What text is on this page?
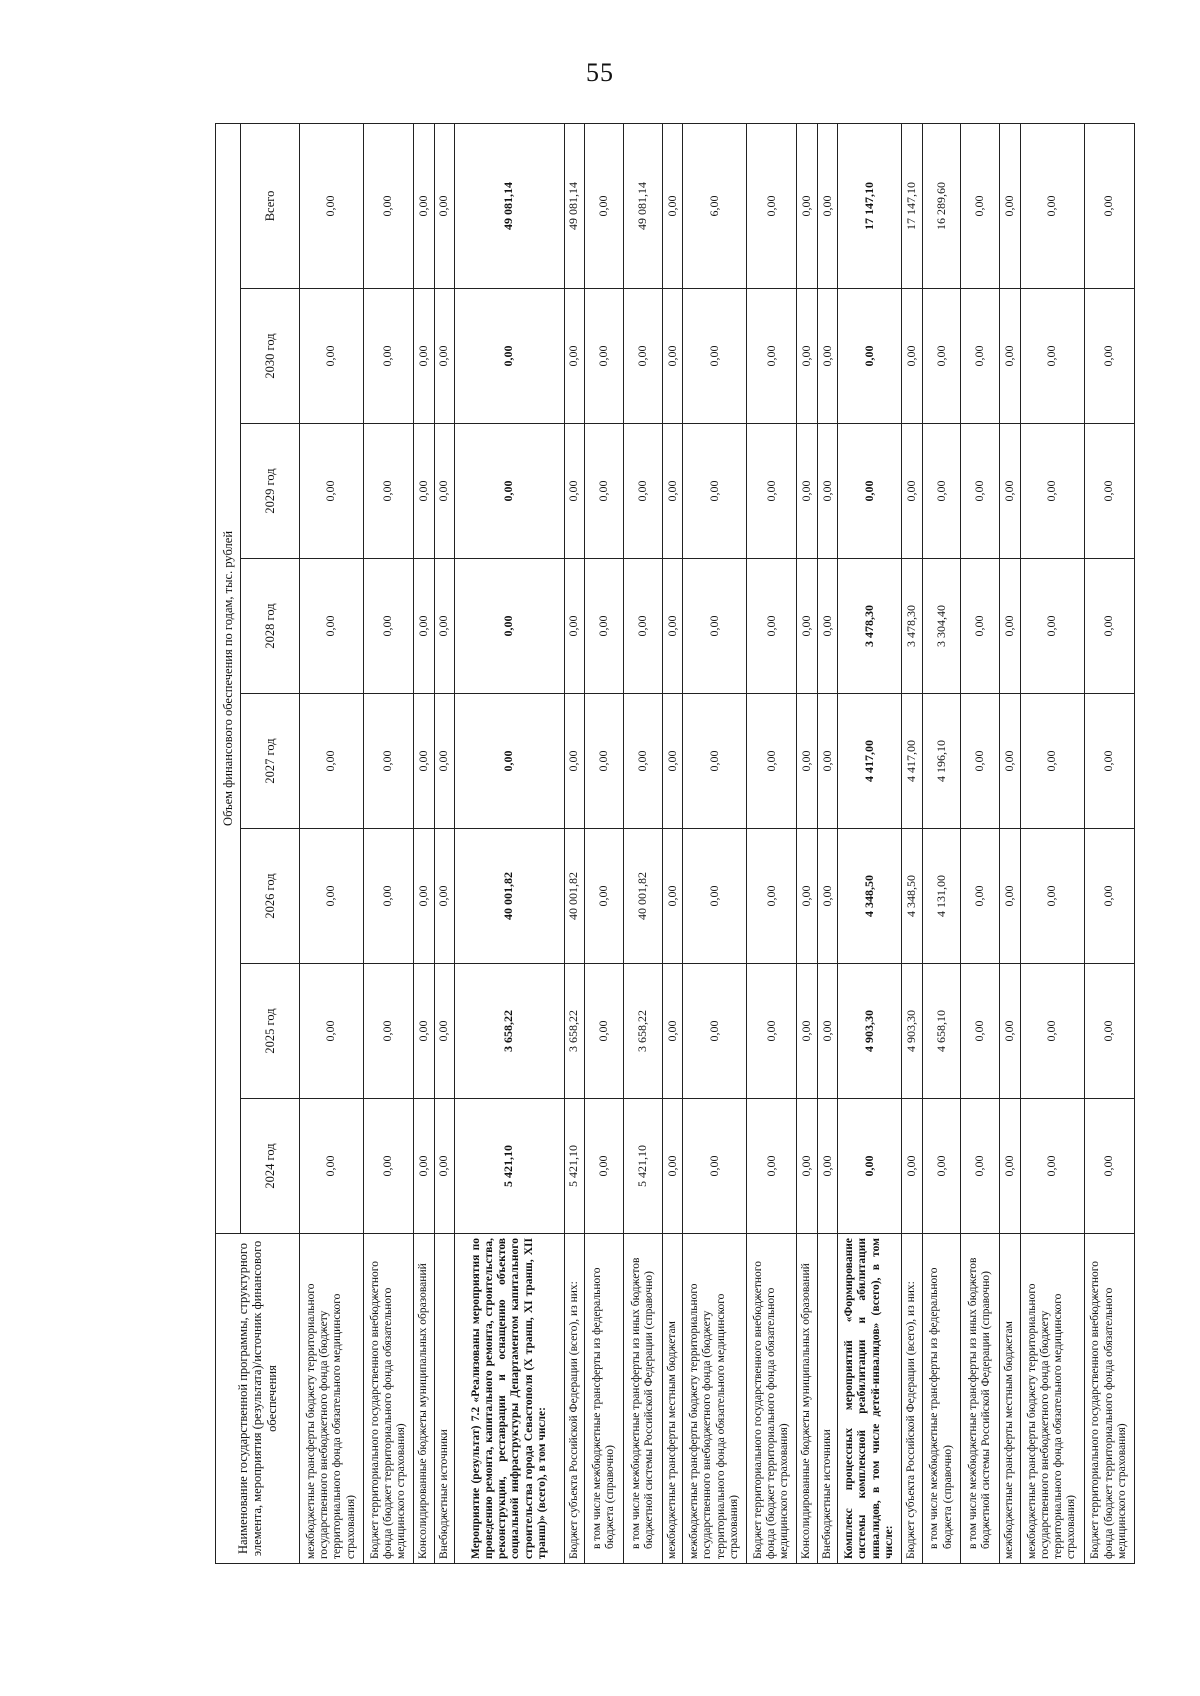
55
Наименование государственной программы, структурного элемента, мероприятия (результата)/источник финансового обеспечения	Объем финансового обеспечения по годам, тыс. рублей							
	2024 год	2025 год	2026 год	2027 год	2028 год	2029 год	2030 год	Всего
межбюджетные трансферты бюджету территориального государственного внебюджетного фонда (бюджету территориального фонда обязательного медицинского страхования)	0,00	0,00	0,00	0,00	0,00	0,00	0,00	0,00
Бюджет территориального государственного внебюджетного фонда (бюджет территориального фонда обязательного медицинского страхования)	0,00	0,00	0,00	0,00	0,00	0,00	0,00	0,00
Консолидированные бюджеты муниципальных образований	0,00	0,00	0,00	0,00	0,00	0,00	0,00	0,00
Внебюджетные источники	0,00	0,00	0,00	0,00	0,00	0,00	0,00	0,00
Мероприятие (результат) 7.2 «Реализованы мероприятия по проведению ремонта, капитального ремонта, строительства, реконструкции, реставрации и оснащению объектов социальной инфраструктуры Департаментом капитального строительства города Севастополя (X транш, XI транш, XII транш)» (всего), в том числе:	5 421,10	3 658,22	40 001,82	0,00	0,00	0,00	0,00	49 081,14
Бюджет субъекта Российской Федерации (всего), из них:	5 421,10	3 658,22	40 001,82	0,00	0,00	0,00	0,00	49 081,14
в том числе межбюджетные трансферты из федерального бюджета (справочно)	0,00	0,00	0,00	0,00	0,00	0,00	0,00	0,00
в том числе межбюджетные трансферты из иных бюджетов бюджетной системы Российской Федерации (справочно)	5 421,10	3 658,22	40 001,82	0,00	0,00	0,00	0,00	49 081,14
межбюджетные трансферты местным бюджетам	0,00	0,00	0,00	0,00	0,00	0,00	0,00	0,00
межбюджетные трансферты бюджету территориального государственного внебюджетного фонда (бюджету территориального фонда обязательного медицинского страхования)	0,00	0,00	0,00	0,00	0,00	0,00	0,00	6,00
Бюджет территориального государственного внебюджетного фонда (бюджет территориального фонда обязательного медицинского страхования)	0,00	0,00	0,00	0,00	0,00	0,00	0,00	0,00
Консолидированные бюджеты муниципальных образований	0,00	0,00	0,00	0,00	0,00	0,00	0,00	0,00
Внебюджетные источники	0,00	0,00	0,00	0,00	0,00	0,00	0,00	0,00
Комплекс процессных мероприятий «Формирование системы комплексной реабилитации и абилитации инвалидов, в том числе детей-инвалидов» (всего), в том числе:	0,00	4 903,30	4 348,50	4 417,00	3 478,30	0,00	0,00	17 147,10
Бюджет субъекта Российской Федерации (всего), из них:	0,00	4 903,30	4 348,50	4 417,00	3 478,30	0,00	0,00	17 147,10
в том числе межбюджетные трансферты из федерального бюджета (справочно)	0,00	4 658,10	4 131,00	4 196,10	3 304,40	0,00	0,00	16 289,60
в том числе межбюджетные трансферты из иных бюджетов бюджетной системы Российской Федерации (справочно)	0,00	0,00	0,00	0,00	0,00	0,00	0,00	0,00
межбюджетные трансферты местным бюджетам	0,00	0,00	0,00	0,00	0,00	0,00	0,00	0,00
межбюджетные трансферты бюджету территориального государственного внебюджетного фонда (бюджету территориального фонда обязательного медицинского страхования)	0,00	0,00	0,00	0,00	0,00	0,00	0,00	0,00
Бюджет территориального государственного внебюджетного фонда (бюджет территориального фонда обязательного медицинского страхования)	0,00	0,00	0,00	0,00	0,00	0,00	0,00	0,00
